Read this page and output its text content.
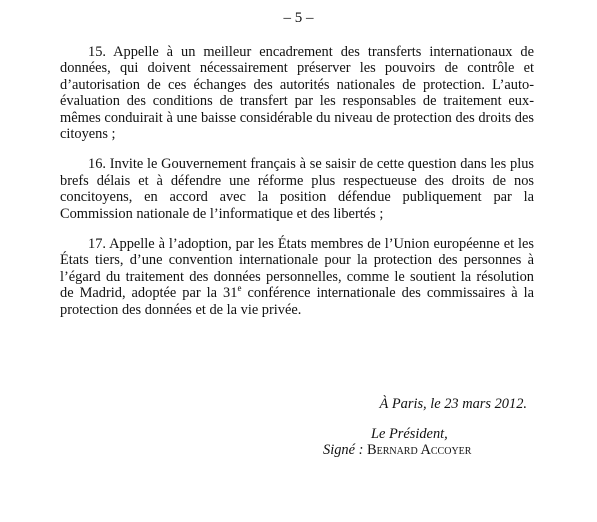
– 5 –

15. Appelle à un meilleur encadrement des transferts internationaux de données, qui doivent nécessairement préserver les pouvoirs de contrôle et d’autorisation de ces échanges des autorités nationales de protection. L’auto-évaluation des conditions de transfert par les responsables de traitement eux-mêmes conduirait à une baisse considérable du niveau de protection des droits des citoyens ;

16. Invite le Gouvernement français à se saisir de cette question dans les plus brefs délais et à défendre une réforme plus respectueuse des droits de nos concitoyens, en accord avec la position défendue publiquement par la Commission nationale de l’informatique et des libertés ;

17. Appelle à l’adoption, par les États membres de l’Union européenne et les États tiers, d’une convention internationale pour la protection des personnes à l’égard du traitement des données personnelles, comme le soutient la résolution de Madrid, adoptée par la 31e conférence internationale des commissaires à la protection des données et de la vie privée.

À Paris, le 23 mars 2012.
Le Président,
Signé : Bernard Accoyer
